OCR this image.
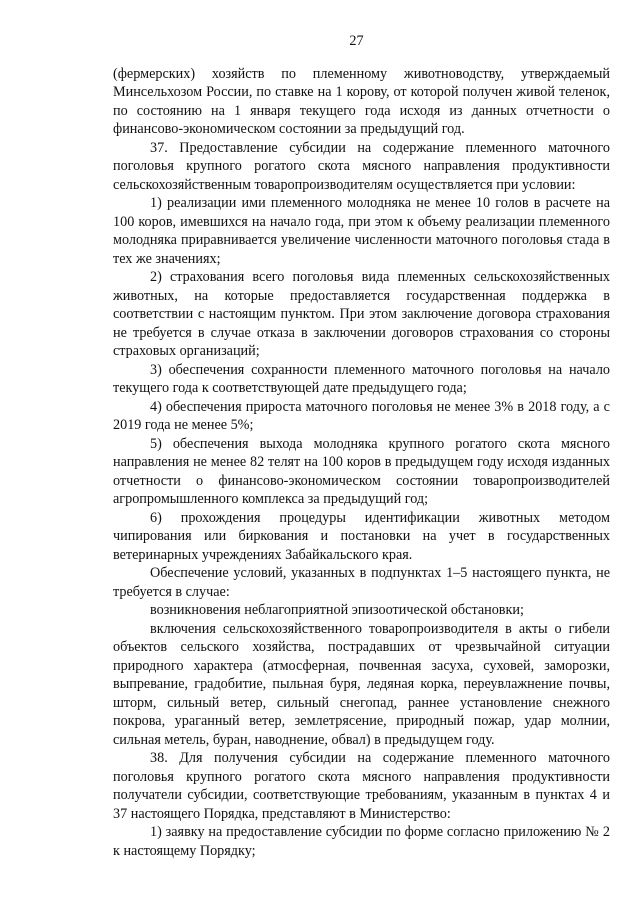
27

(фермерских) хозяйств по племенному животноводству, утверждаемый Минсельхозом России, по ставке на 1 корову, от которой получен живой теленок, по состоянию на 1 января текущего года исходя из данных отчетности о финансово-экономическом состоянии за предыдущий год.

37. Предоставление субсидии на содержание племенного маточного поголовья крупного рогатого скота мясного направления продуктивности сельскохозяйственным товаропроизводителям осуществляется при условии:

1) реализации ими племенного молодняка не менее 10 голов в расчете на 100 коров, имевшихся на начало года, при этом к объему реализации племенного молодняка приравнивается увеличение численности маточного поголовья стада в тех же значениях;

2) страхования всего поголовья вида племенных сельскохозяйственных животных, на которые предоставляется государственная поддержка в соответствии с настоящим пунктом. При этом заключение договора страхования не требуется в случае отказа в заключении договоров страхования со стороны страховых организаций;

3) обеспечения сохранности племенного маточного поголовья на начало текущего года к соответствующей дате предыдущего года;

4) обеспечения прироста маточного поголовья не менее 3% в 2018 году, а с 2019 года не менее 5%;

5) обеспечения выхода молодняка крупного рогатого скота мясного направления не менее 82 телят на 100 коров в предыдущем году исходя изданных отчетности о финансово-экономическом состоянии товаропроизводителей агропромышленного комплекса за предыдущий год;

6) прохождения процедуры идентификации животных методом чипирования или биркования и постановки на учет в государственных ветеринарных учреждениях Забайкальского края.

Обеспечение условий, указанных в подпунктах 1–5 настоящего пункта, не требуется в случае:

возникновения неблагоприятной эпизоотической обстановки;

включения сельскохозяйственного товаропроизводителя в акты о гибели объектов сельского хозяйства, пострадавших от чрезвычайной ситуации природного характера (атмосферная, почвенная засуха, суховей, заморозки, выпревание, градобитие, пыльная буря, ледяная корка, переувлажнение почвы, шторм, сильный ветер, сильный снегопад, раннее установление снежного покрова, ураганный ветер, землетрясение, природный пожар, удар молнии, сильная метель, буран, наводнение, обвал) в предыдущем году.

38. Для получения субсидии на содержание племенного маточного поголовья крупного рогатого скота мясного направления продуктивности получатели субсидии, соответствующие требованиям, указанным в пунктах 4 и 37 настоящего Порядка, представляют в Министерство:

1) заявку на предоставление субсидии по форме согласно приложению № 2 к настоящему Порядку;
